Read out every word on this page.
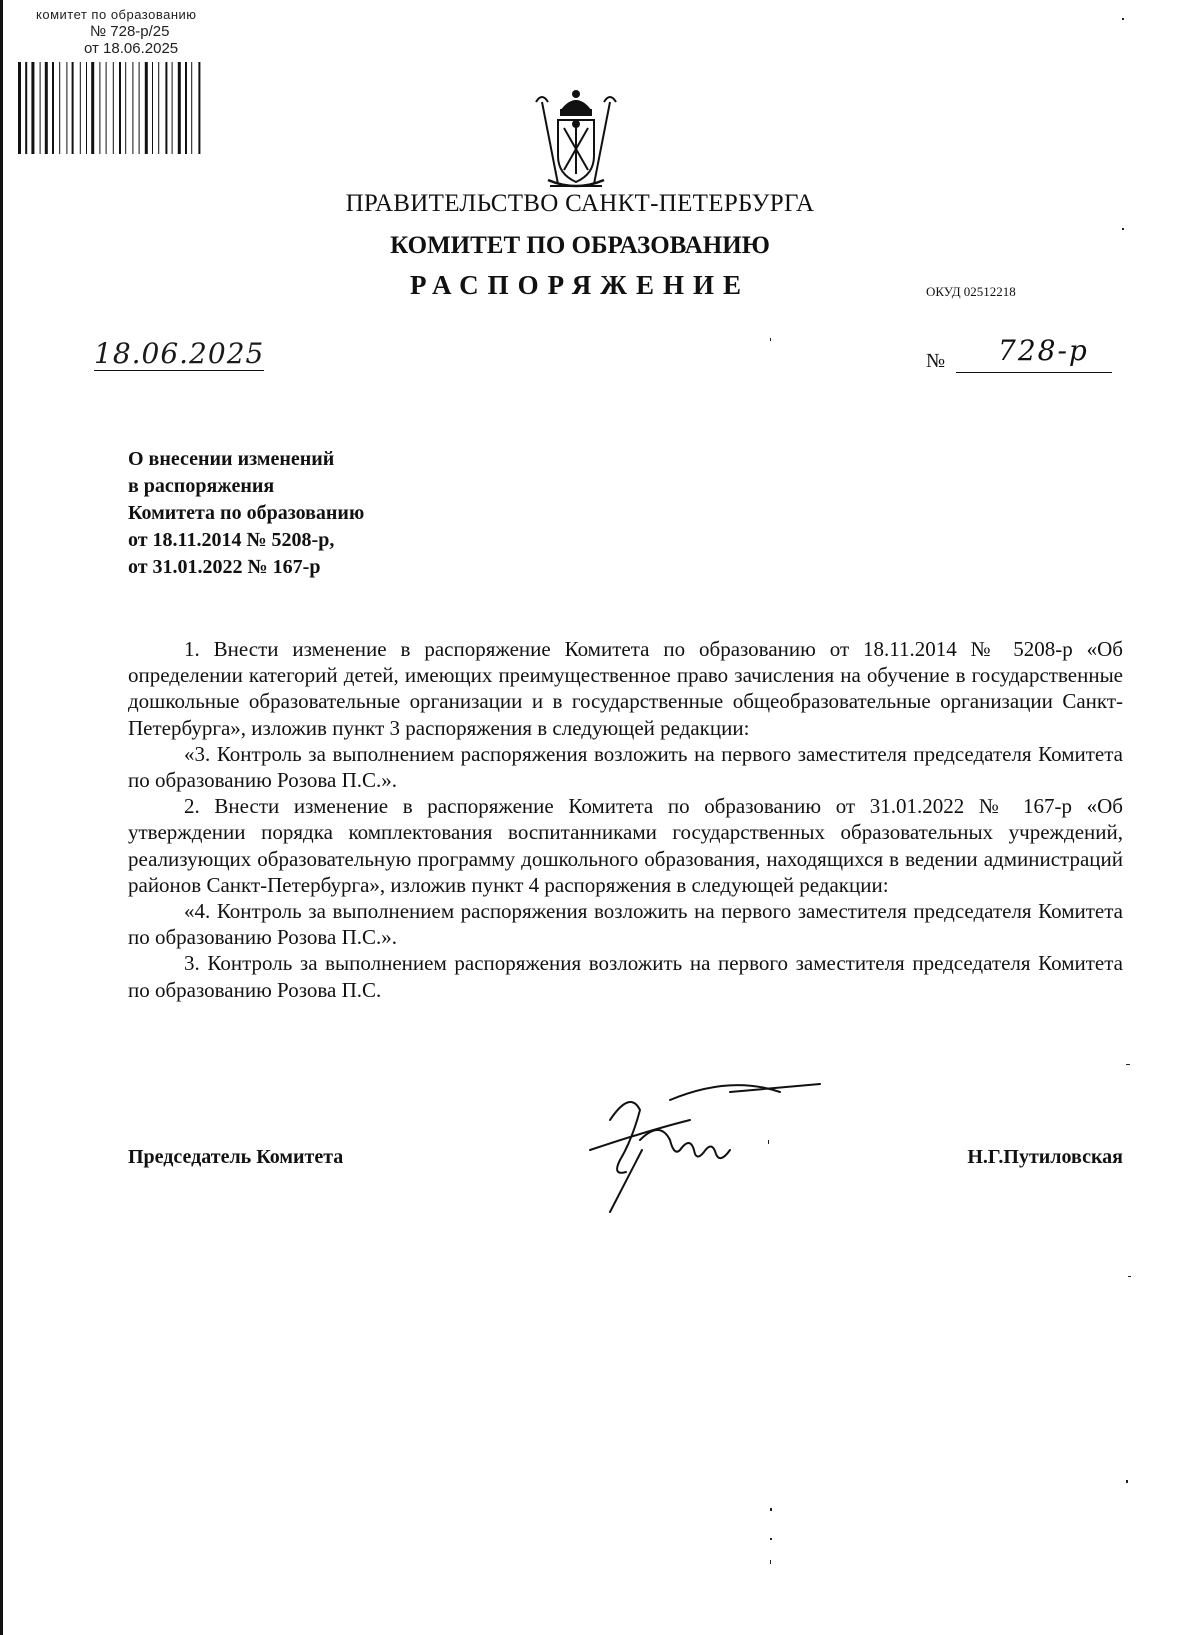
комитет по образованию
№ 728-р/25
от 18.06.2025
ПРАВИТЕЛЬСТВО САНКТ-ПЕТЕРБУРГА
КОМИТЕТ ПО ОБРАЗОВАНИЮ
РАСПОРЯЖЕНИЕ	ОКУД 02512218
18.06.2025	№ 728-р
О внесении изменений
в распоряжения
Комитета по образованию
от 18.11.2014 № 5208-р,
от 31.01.2022 № 167-р

1. Внести изменение в распоряжение Комитета по образованию от 18.11.2014 № 5208-р «Об определении категорий детей, имеющих преимущественное право зачисления на обучение в государственные дошкольные образовательные организации и в государственные общеобразовательные организации Санкт-Петербурга», изложив пункт 3 распоряжения в следующей редакции:

«3. Контроль за выполнением распоряжения возложить на первого заместителя председателя Комитета по образованию Розова П.С.».

2. Внести изменение в распоряжение Комитета по образованию от 31.01.2022 № 167-р «Об утверждении порядка комплектования воспитанниками государственных образовательных учреждений, реализующих образовательную программу дошкольного образования, находящихся в ведении администраций районов Санкт-Петербурга», изложив пункт 4 распоряжения в следующей редакции:

«4. Контроль за выполнением распоряжения возложить на первого заместителя председателя Комитета по образованию Розова П.С.».

3. Контроль за выполнением распоряжения возложить на первого заместителя председателя Комитета по образованию Розова П.С.

Председатель Комитета	Н.Г.Путиловская
